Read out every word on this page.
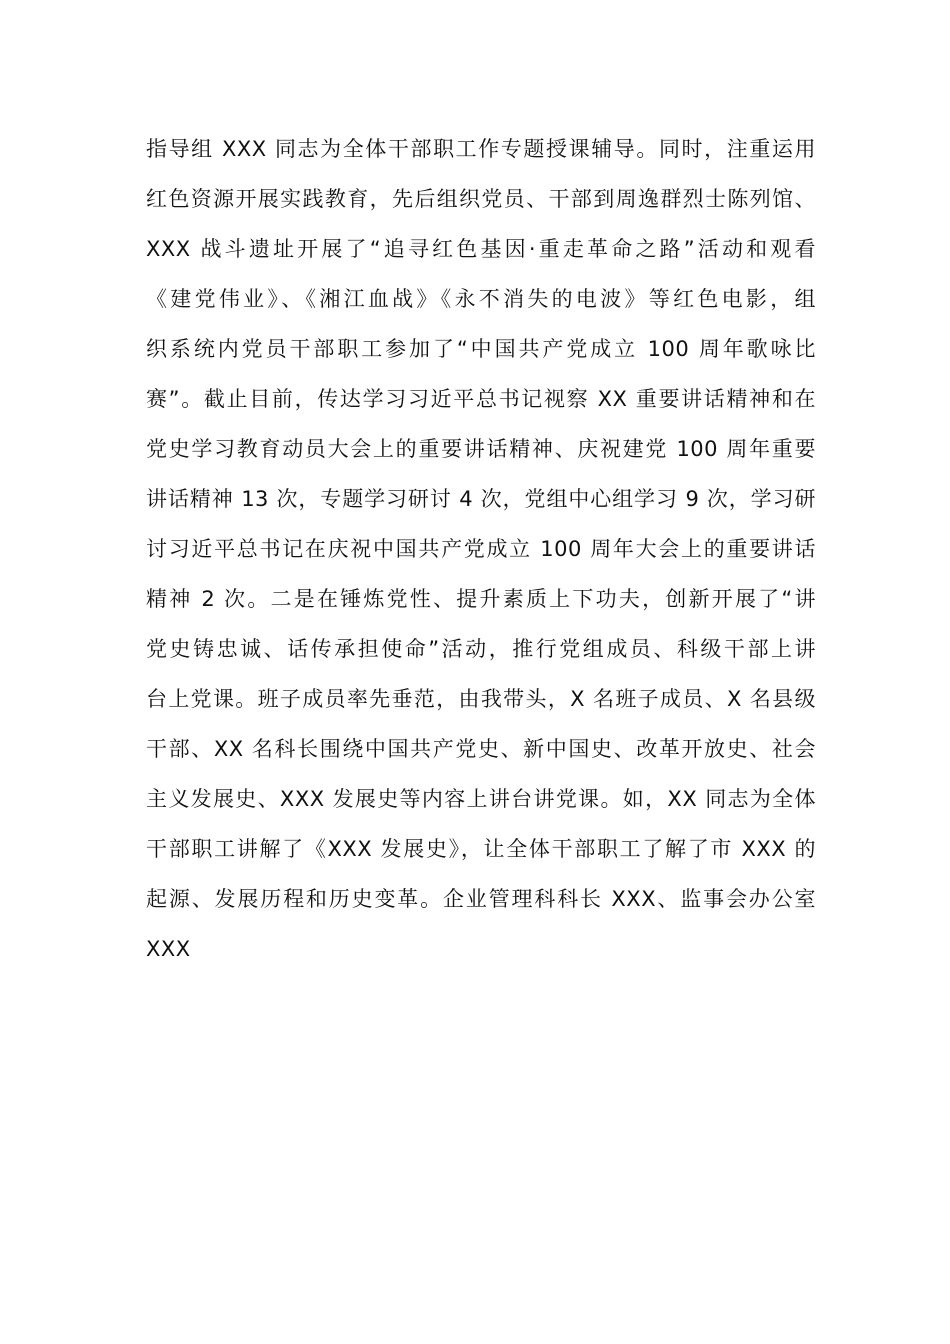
指导组 XXX 同志为全体干部职工作专题授课辅导。同时，注重运用
红色资源开展实践教育，先后组织党员、干部到周逸群烈士陈列馆、
XXX 战斗遗址开展了“追寻红色基因·重走革命之路”活动和观看
《建党伟业》、《湘江血战》《永不消失的电波》等红色电影，组
织系统内党员干部职工参加了“中国共产党成立 100 周年歌咏比
赛”。截止目前，传达学习习近平总书记视察 XX 重要讲话精神和在
党史学习教育动员大会上的重要讲话精神、庆祝建党 100 周年重要
讲话精神 13 次，专题学习研讨 4 次，党组中心组学习 9 次，学习研
讨习近平总书记在庆祝中国共产党成立 100 周年大会上的重要讲话
精神 2 次。二是在锤炼党性、提升素质上下功夫，创新开展了“讲
党史铸忠诚、话传承担使命”活动，推行党组成员、科级干部上讲
台上党课。班子成员率先垂范，由我带头，X 名班子成员、X 名县级
干部、XX 名科长围绕中国共产党史、新中国史、改革开放史、社会
主义发展史、XXX 发展史等内容上讲台讲党课。如，XX 同志为全体
干部职工讲解了《XXX 发展史》，让全体干部职工了解了市 XXX 的
起源、发展历程和历史变革。企业管理科科长 XXX、监事会办公室
XXX
